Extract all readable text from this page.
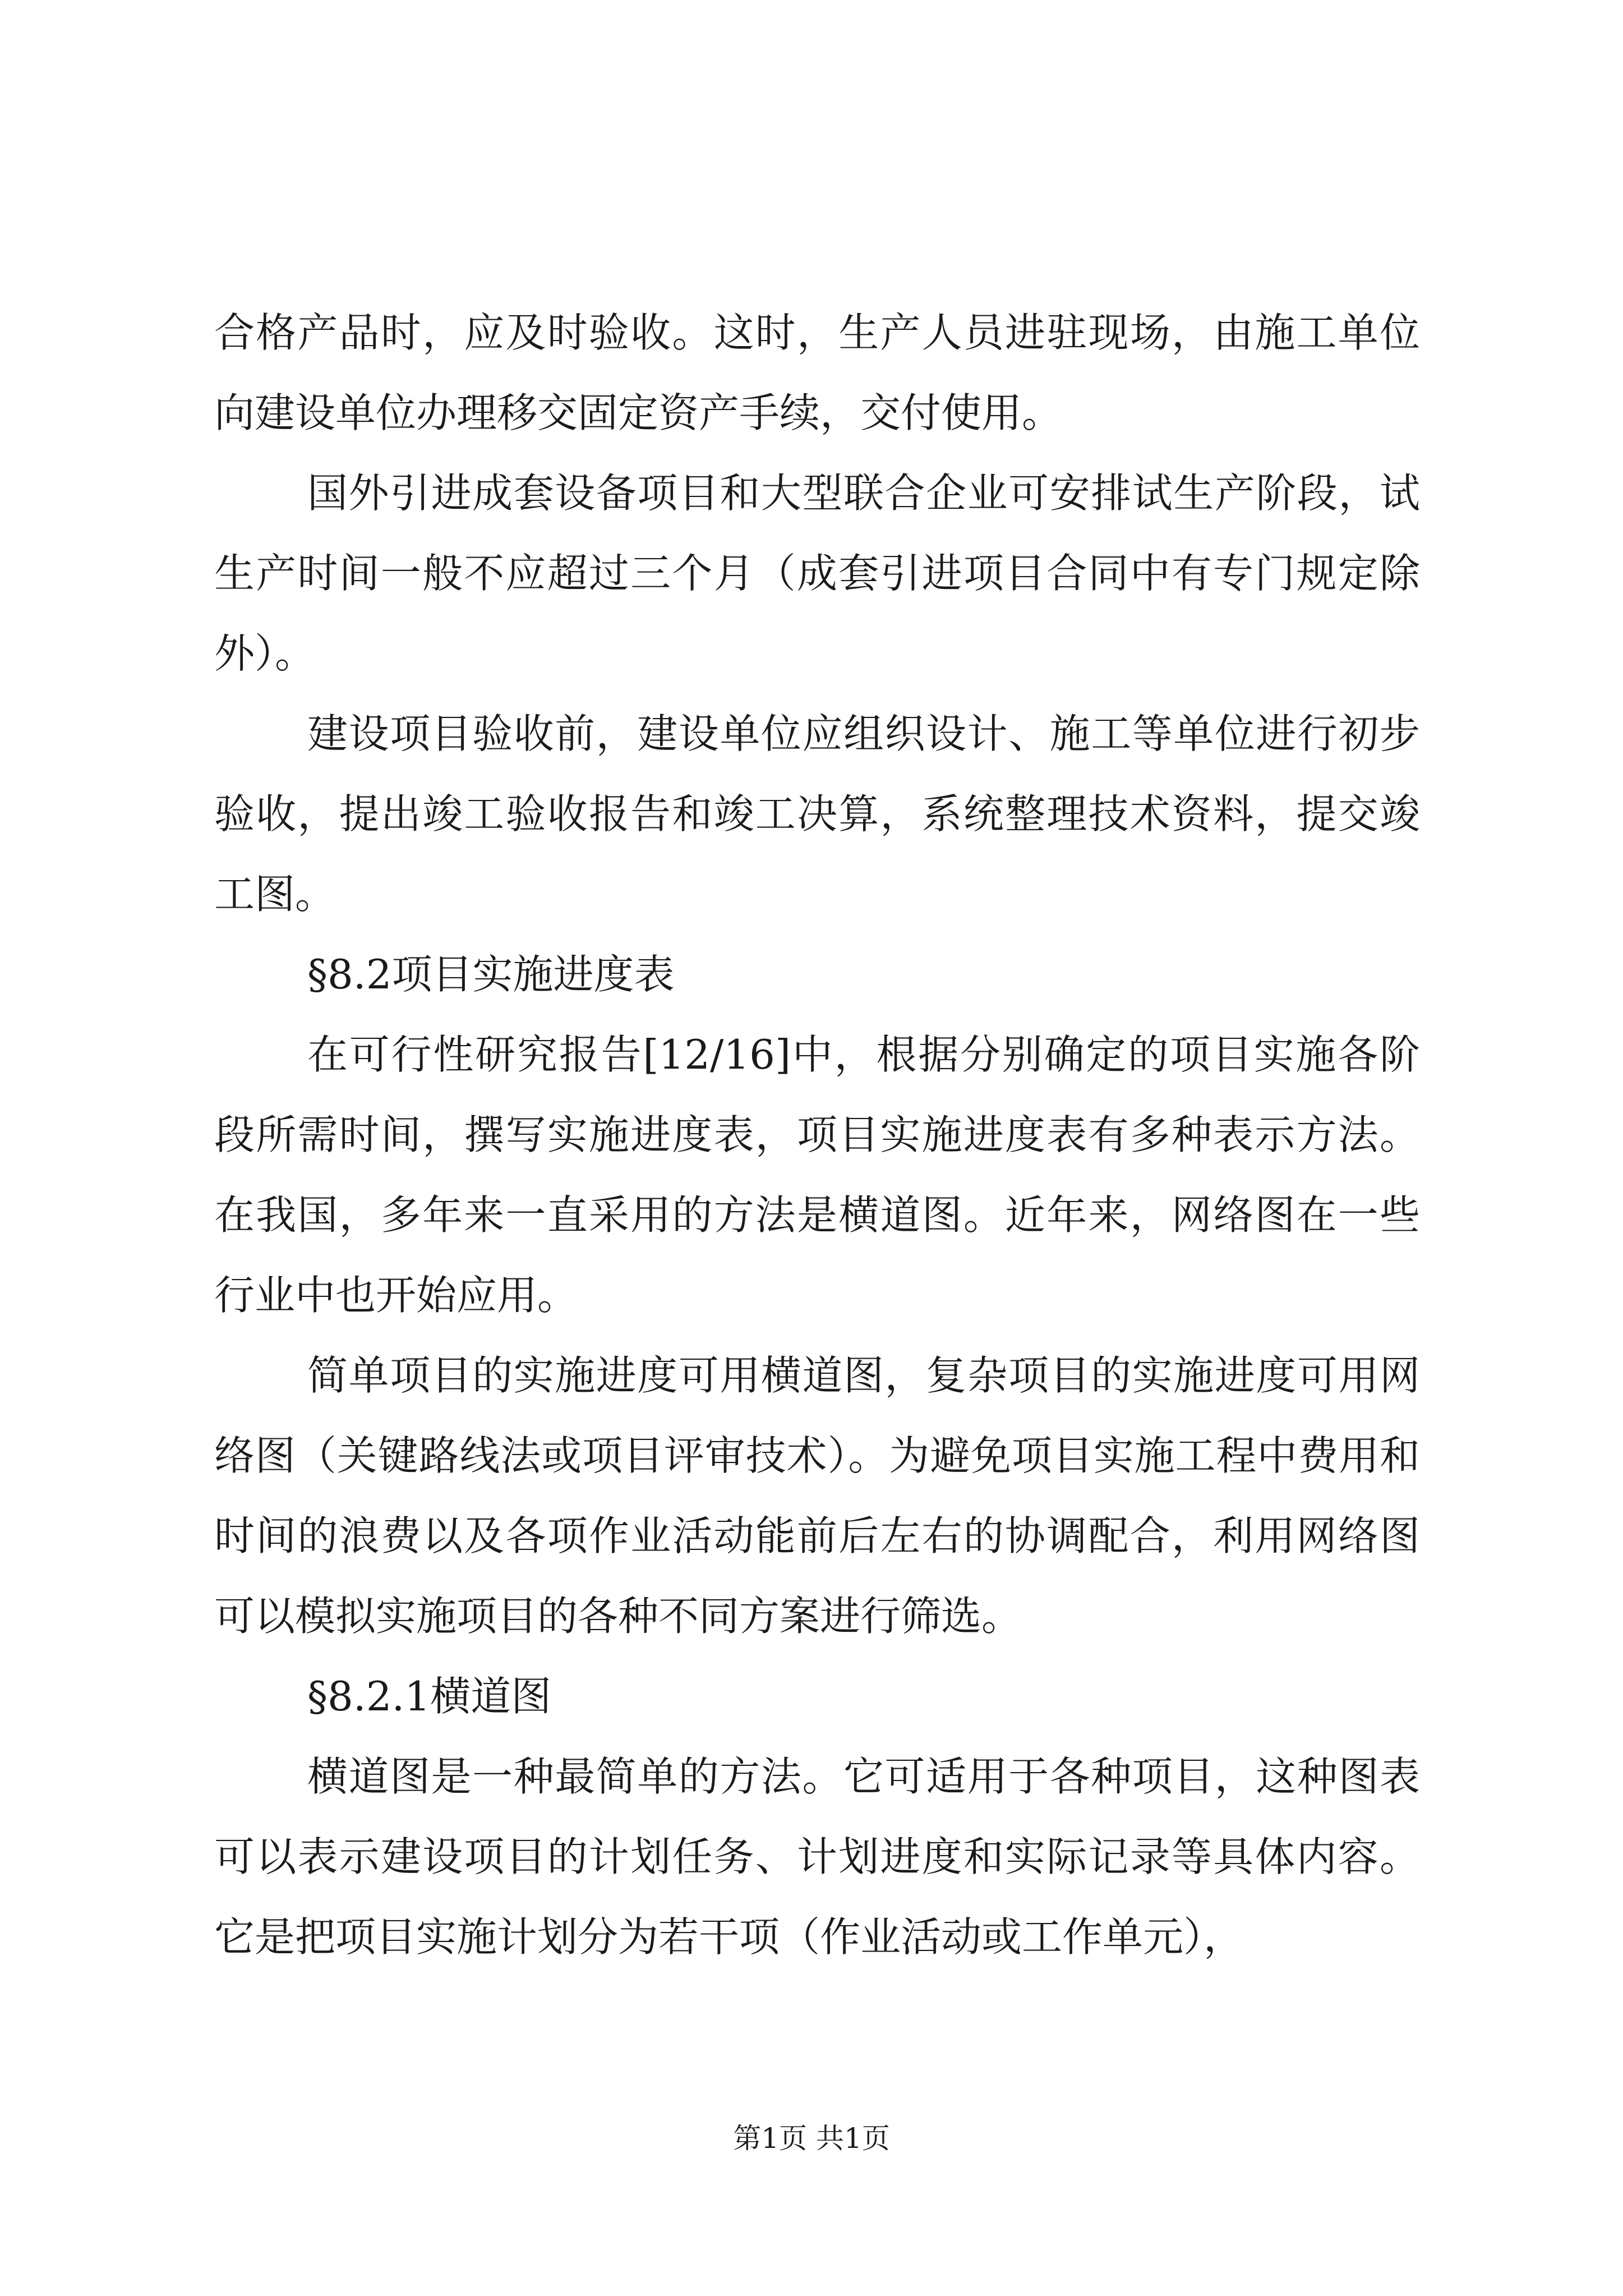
合格产品时，应及时验收。这时，生产人员进驻现场，由施工单位向建设单位办理移交固定资产手续，交付使用。

国外引进成套设备项目和大型联合企业可安排试生产阶段，试生产时间一般不应超过三个月（成套引进项目合同中有专门规定除外）。

建设项目验收前，建设单位应组织设计、施工等单位进行初步验收，提出竣工验收报告和竣工决算，系统整理技术资料，提交竣工图。

§8.2项目实施进度表

在可行性研究报告[12/16]中，根据分别确定的项目实施各阶段所需时间，撰写实施进度表，项目实施进度表有多种表示方法。在我国，多年来一直采用的方法是横道图。近年来，网络图在一些行业中也开始应用。

简单项目的实施进度可用横道图，复杂项目的实施进度可用网络图（关键路线法或项目评审技术）。为避免项目实施工程中费用和时间的浪费以及各项作业活动能前后左右的协调配合，利用网络图可以模拟实施项目的各种不同方案进行筛选。

§8.2.1横道图

横道图是一种最简单的方法。它可适用于各种项目，这种图表可以表示建设项目的计划任务、计划进度和实际记录等具体内容。它是把项目实施计划分为若干项（作业活动或工作单元），

第1页 共1页
